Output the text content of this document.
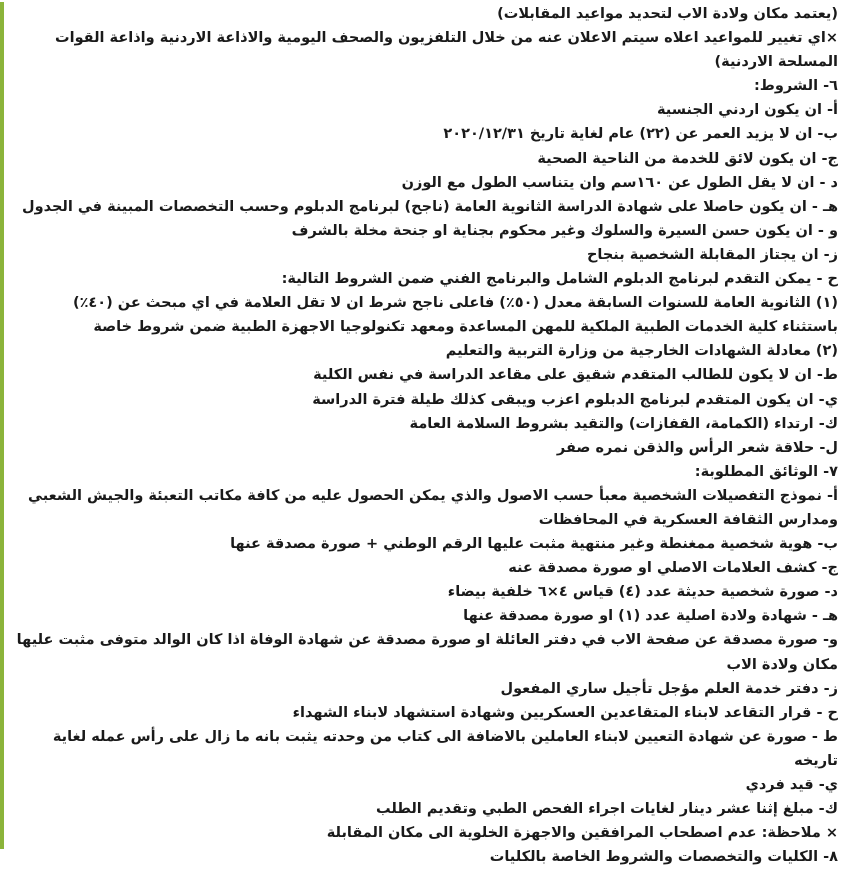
(يعتمد مكان ولادة الاب لتحديد مواعيد المقابلات)
×اي تغيير للمواعيد اعلاه سيتم الاعلان عنه من خلال التلفزيون والصحف اليومية والاذاعة الاردنية واذاعة القوات المسلحة الاردنية)
٦- الشروط:
أ- ان يكون اردني الجنسية
ب- ان لا يزيد العمر عن (٢٢) عام لغاية تاريخ ٢٠٢٠/١٢/٣١
ج- ان يكون لائق للخدمة من الناحية الصحية
د - ان لا يقل الطول عن ١٦٠سم وان يتناسب الطول مع الوزن
هـ - ان يكون حاصلا على شهادة الدراسة الثانوية العامة (ناجح) لبرنامج الدبلوم وحسب التخصصات المبينة في الجدول
و - ان يكون حسن السيرة والسلوك وغير محكوم بجناية او جنحة مخلة بالشرف
ز- ان يجتاز المقابلة الشخصية بنجاح
ح - يمكن التقدم لبرنامج الدبلوم الشامل والبرنامج الفني ضمن الشروط التالية:
(١) الثانوية العامة للسنوات السابقة معدل (٥٠٪) فاعلى ناجح شرط ان لا تقل العلامة في اي مبحث عن (٤٠٪) باستثناء كلية الخدمات الطبية الملكية للمهن المساعدة ومعهد تكنولوجيا الاجهزة الطبية ضمن شروط خاصة
(٢) معادلة الشهادات الخارجية من وزارة التربية والتعليم
ط- ان لا يكون للطالب المتقدم شقيق على مقاعد الدراسة في نفس الكلية
ي- ان يكون المتقدم لبرنامج الدبلوم اعزب ويبقى كذلك طيلة فترة الدراسة
ك- ارتداء (الكمامة، القفازات) والتقيد بشروط السلامة العامة
ل- حلاقة شعر الرأس والذقن نمره صفر
٧- الوثائق المطلوبة:
أ- نموذج التفصيلات الشخصية معبأ حسب الاصول والذي يمكن الحصول عليه من كافة مكاتب التعبئة والجيش الشعبي ومدارس الثقافة العسكرية في المحافظات
ب- هوية شخصية ممغنطة وغير منتهية مثبت عليها الرقم الوطني + صورة مصدقة عنها
ج- كشف العلامات الاصلي او صورة مصدقة عنه
د- صورة شخصية حديثة عدد (٤) قياس ٤×٦ خلفية بيضاء
هـ - شهادة ولادة اصلية عدد (١) او صورة مصدقة عنها
و- صورة مصدقة عن صفحة الاب في دفتر العائلة او صورة مصدقة عن شهادة الوفاة اذا كان الوالد متوفى مثبت عليها مكان ولادة الاب
ز- دفتر خدمة العلم مؤجل تأجيل ساري المفعول
ح - قرار التقاعد لابناء المتقاعدين العسكريين وشهادة استشهاد لابناء الشهداء
ط - صورة عن شهادة التعيين لابناء العاملين بالاضافة الى كتاب من وحدته يثبت بانه ما زال على رأس عمله لغاية تاريخه
ي- قيد فردي
ك- مبلغ إثنا عشر دينار لغايات اجراء الفحص الطبي وتقديم الطلب
× ملاحظة: عدم اصطحاب المرافقين والاجهزة الخلوية الى مكان المقابلة
٨- الكليات والتخصصات والشروط الخاصة بالكليات
